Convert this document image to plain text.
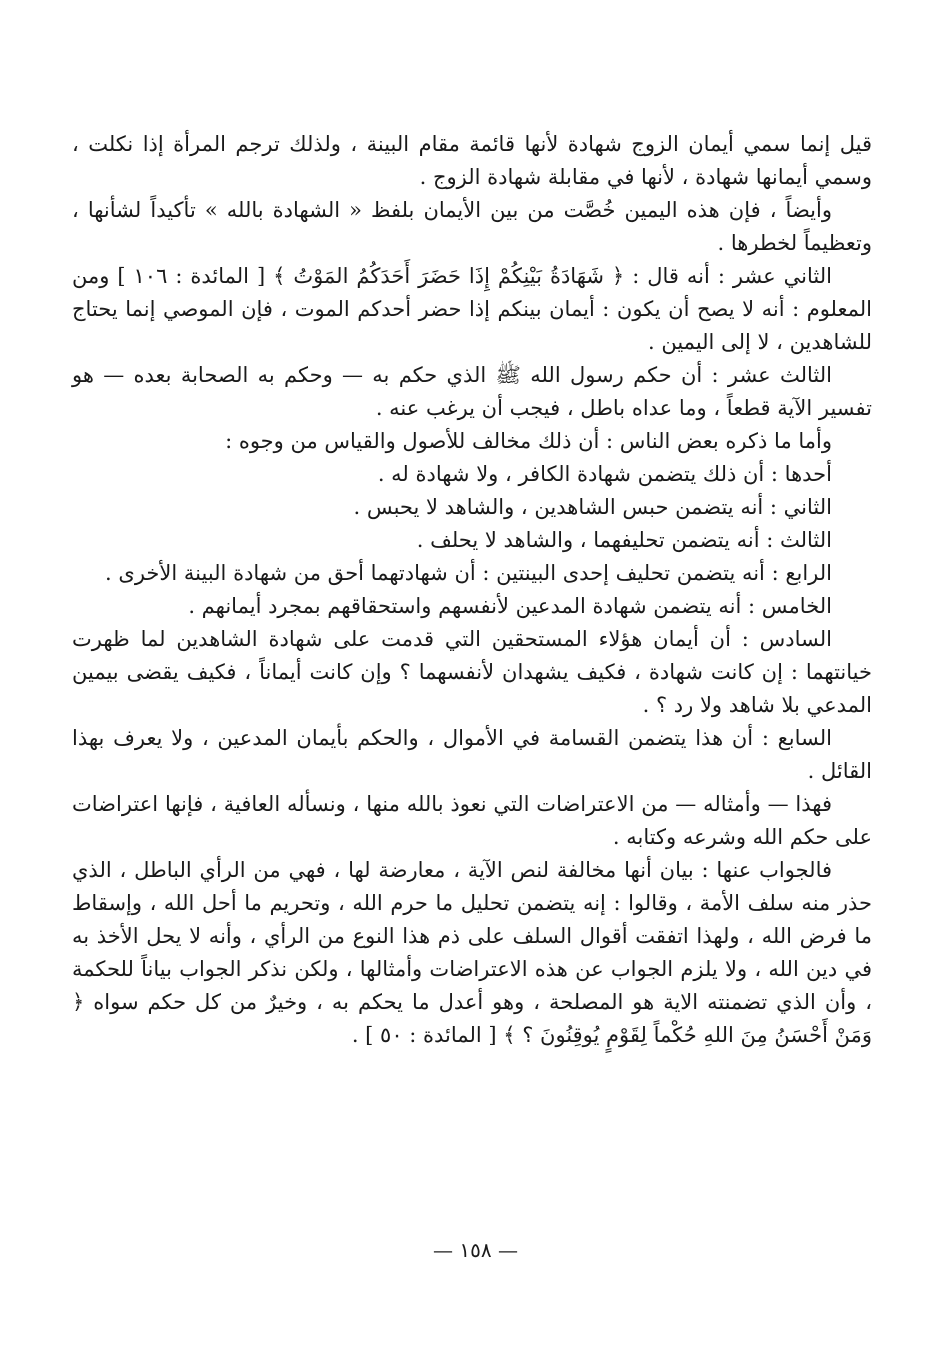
قيل إنما سمي أيمان الزوج شهادة لأنها قائمة مقام البينة ، ولذلك ترجم المرأة إذا نكلت ، وسمي أيمانها شهادة ، لأنها في مقابلة شهادة الزوج .

وأيضاً ، فإن هذه اليمين خُصَّت من بين الأيمان بلفظ « الشهادة بالله » تأكيداً لشأنها ، وتعظيماً لخطرها .

الثاني عشر : أنه قال : ﴿ شَهَادَةُ بَيْنِكُمْ إِذَا حَضَرَ أَحَدَكُمُ المَوْتُ ﴾ [ المائدة : ١٠٦ ] ومن المعلوم : أنه لا يصح أن يكون : أيمان بينكم إذا حضر أحدكم الموت ، فإن الموصي إنما يحتاج للشاهدين ، لا إلى اليمين .

الثالث عشر : أن حكم رسول الله ﷺ الذي حكم به — وحكم به الصحابة بعده — هو تفسير الآية قطعاً ، وما عداه باطل ، فيجب أن يرغب عنه .

وأما ما ذكره بعض الناس : أن ذلك مخالف للأصول والقياس من وجوه :

أحدها : أن ذلك يتضمن شهادة الكافر ، ولا شهادة له .

الثاني : أنه يتضمن حبس الشاهدين ، والشاهد لا يحبس .

الثالث : أنه يتضمن تحليفهما ، والشاهد لا يحلف .

الرابع : أنه يتضمن تحليف إحدى البينتين : أن شهادتهما أحق من شهادة البينة الأخرى .

الخامس : أنه يتضمن شهادة المدعين لأنفسهم واستحقاقهم بمجرد أيمانهم .

السادس : أن أيمان هؤلاء المستحقين التي قدمت على شهادة الشاهدين لما ظهرت خيانتهما : إن كانت شهادة ، فكيف يشهدان لأنفسهما ؟ وإن كانت أيماناً ، فكيف يقضى بيمين المدعي بلا شاهد ولا رد ؟ .

السابع : أن هذا يتضمن القسامة في الأموال ، والحكم بأيمان المدعين ، ولا يعرف بهذا القائل .

فهذا — وأمثاله — من الاعتراضات التي نعوذ بالله منها ، ونسأله العافية ، فإنها اعتراضات على حكم الله وشرعه وكتابه .

فالجواب عنها : بيان أنها مخالفة لنص الآية ، معارضة لها ، فهي من الرأي الباطل ، الذي حذر منه سلف الأمة ، وقالوا : إنه يتضمن تحليل ما حرم الله ، وتحريم ما أحل الله ، وإسقاط ما فرض الله ، ولهذا اتفقت أقوال السلف على ذم هذا النوع من الرأي ، وأنه لا يحل الأخذ به في دين الله ، ولا يلزم الجواب عن هذه الاعتراضات وأمثالها ، ولكن نذكر الجواب بياناً للحكمة ، وأن الذي تضمنته الاية هو المصلحة ، وهو أعدل ما يحكم به ، وخيرٌ من كل حكم سواه ﴿ وَمَنْ أَحْسَنُ مِنَ اللهِ حُكْماً لِقَوْمٍ يُوقِنُونَ ؟ ﴾ [ المائدة : ٥٠ ] .

— ١٥٨ —
